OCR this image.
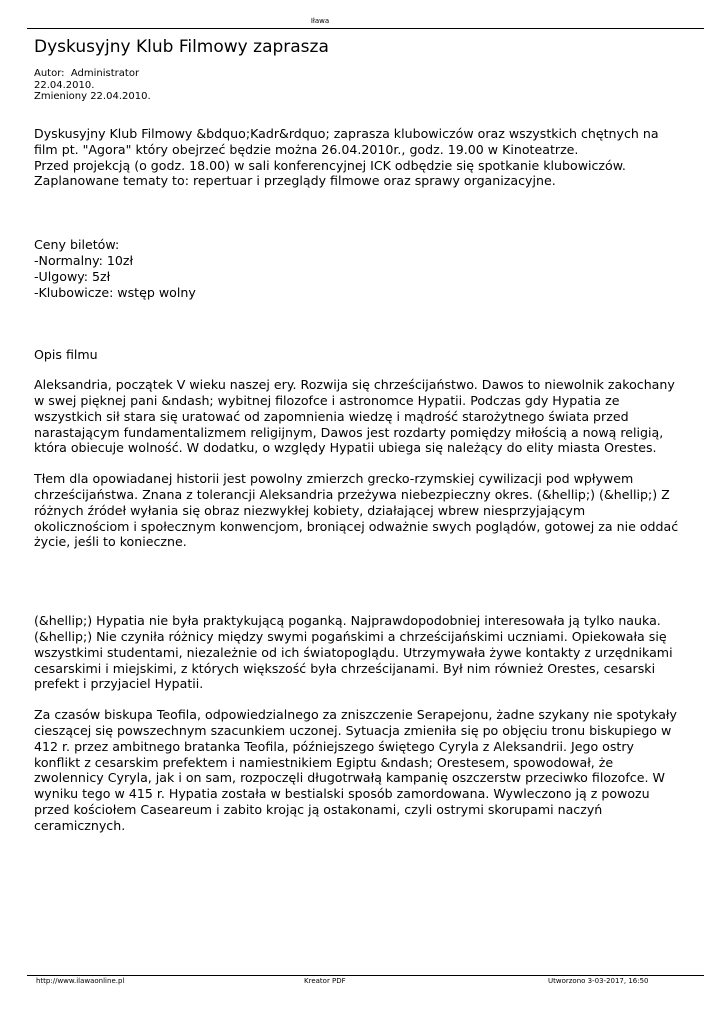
Iława
Dyskusyjny Klub Filmowy zaprasza
Autor:  Administrator
22.04.2010.
Zmieniony 22.04.2010.

Dyskusyjny Klub Filmowy &bdquo;Kadr&rdquo; zaprasza klubowiczów oraz wszystkich chętnych na film pt. "Agora" który obejrzeć będzie można 26.04.2010r., godz. 19.00 w Kinoteatrze.
Przed projekcją (o godz. 18.00) w sali konferencyjnej ICK odbędzie się spotkanie klubowiczów.
Zaplanowane tematy to: repertuar i przeglądy filmowe oraz sprawy organizacyjne.

Ceny biletów:
-Normalny: 10zł
-Ulgowy: 5zł
-Klubowicze: wstęp wolny

Opis filmu

Aleksandria, początek V wieku naszej ery. Rozwija się chrześcijaństwo. Dawos to niewolnik zakochany w swej pięknej pani &ndash; wybitnej filozofce i astronomce Hypatii. Podczas gdy Hypatia ze wszystkich sił stara się uratować od zapomnienia wiedzę i mądrość starożytnego świata przed narastającym fundamentalizmem religijnym, Dawos jest rozdarty pomiędzy miłością a nową religią, która obiecuje wolność. W dodatku, o względy Hypatii ubiega się należący do elity miasta Orestes.

Tłem dla opowiadanej historii jest powolny zmierzch grecko-rzymskiej cywilizacji pod wpływem chrześcijaństwa. Znana z tolerancji Aleksandria przeżywa niebezpieczny okres. (&hellip;) (&hellip;) Z różnych źródeł wyłania się obraz niezwykłej kobiety, działającej wbrew niesprzyjającym okolicznościom i społecznym konwencjom, broniącej odważnie swych poglądów, gotowej za nie oddać życie, jeśli to konieczne.

(&hellip;) Hypatia nie była praktykującą poganką. Najprawdopodobniej interesowała ją tylko nauka. (&hellip;) Nie czyniła różnicy między swymi pogańskimi a chrześcijańskimi uczniami. Opiekowała się wszystkimi studentami, niezależnie od ich światopoglądu. Utrzymywała żywe kontakty z urzędnikami cesarskimi i miejskimi, z których większość była chrześcijanami. Był nim również Orestes, cesarski prefekt i przyjaciel Hypatii.

Za czasów biskupa Teofila, odpowiedzialnego za zniszczenie Serapejonu, żadne szykany nie spotykały cieszącej się powszechnym szacunkiem uczonej. Sytuacja zmieniła się po objęciu tronu biskupiego w 412 r. przez ambitnego bratanka Teofila, późniejszego świętego Cyryla z Aleksandrii. Jego ostry konflikt z cesarskim prefektem i namiestnikiem Egiptu &ndash; Orestesem, spowodował, że zwolennicy Cyryla, jak i on sam, rozpoczęli długotrwałą kampanię oszczerstw przeciwko filozofce. W wyniku tego w 415 r. Hypatia została w bestialski sposób zamordowana. Wywleczono ją z powozu przed kościołem Casearеum i zabito krojąc ją ostakonami, czyli ostrymi skorupami naczyń ceramicznych.

http://www.ilawaonline.pl	Kreator PDF	Utworzono 3-03-2017, 16:50
